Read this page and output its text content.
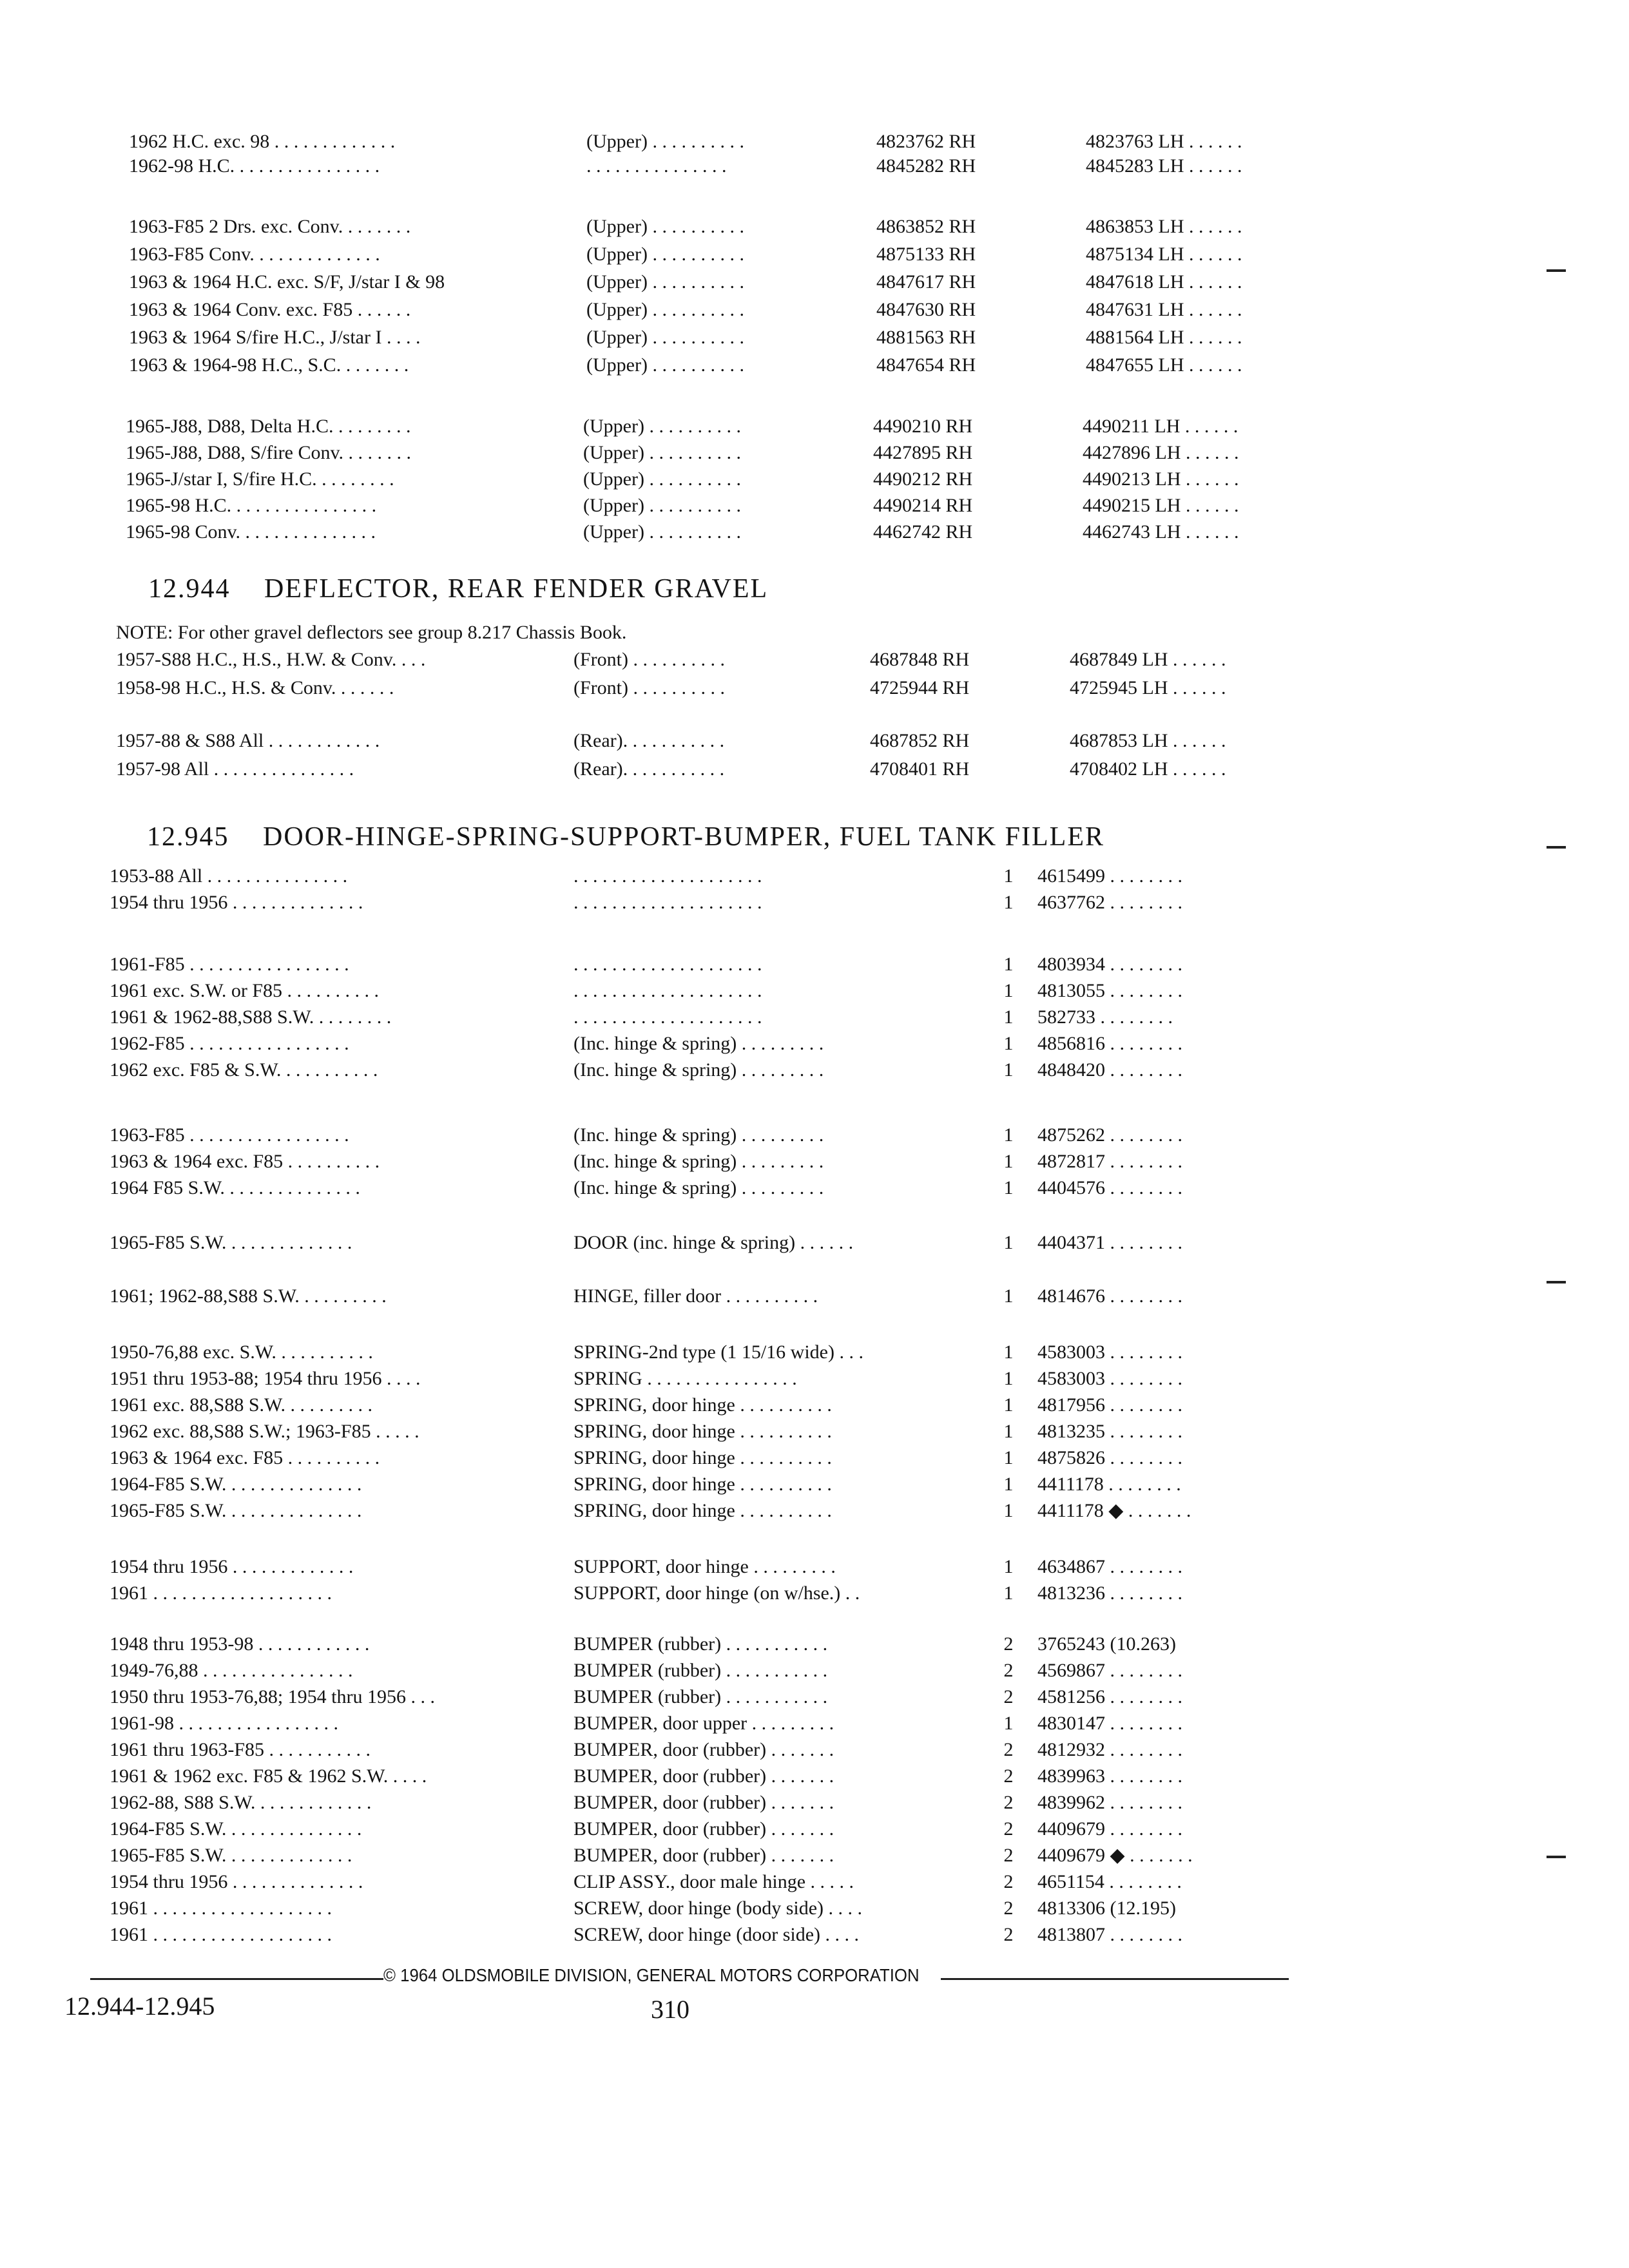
1962 H.C. exc. 98 . . . . . . . . . . . . .	(Upper) . . . . . . . . . .	4823762 RH	4823763 LH . . . . . .
1962-98 H.C. . . . . . . . . . . . . . . .	. . . . . . . . . . . . . . .	4845282 RH	4845283 LH . . . . . .
1963-F85 2 Drs. exc. Conv. . . . . . . .	(Upper) . . . . . . . . . .	4863852 RH	4863853 LH . . . . . .
1963-F85 Conv. . . . . . . . . . . . . .	(Upper) . . . . . . . . . .	4875133 RH	4875134 LH . . . . . .
1963 & 1964 H.C. exc. S/F, J/star I & 98	(Upper) . . . . . . . . . .	4847617 RH	4847618 LH . . . . . .
1963 & 1964 Conv. exc. F85 . . . . . .	(Upper) . . . . . . . . . .	4847630 RH	4847631 LH . . . . . .
1963 & 1964 S/fire H.C., J/star I . . . .	(Upper) . . . . . . . . . .	4881563 RH	4881564 LH . . . . . .
1963 & 1964-98 H.C., S.C. . . . . . . .	(Upper) . . . . . . . . . .	4847654 RH	4847655 LH . . . . . .
1965-J88, D88, Delta H.C. . . . . . . . .	(Upper) . . . . . . . . . .	4490210 RH	4490211 LH . . . . . .
1965-J88, D88, S/fire Conv. . . . . . . .	(Upper) . . . . . . . . . .	4427895 RH	4427896 LH . . . . . .
1965-J/star I, S/fire H.C. . . . . . . . .	(Upper) . . . . . . . . . .	4490212 RH	4490213 LH . . . . . .
1965-98 H.C. . . . . . . . . . . . . . . .	(Upper) . . . . . . . . . .	4490214 RH	4490215 LH . . . . . .
1965-98 Conv. . . . . . . . . . . . . . .	(Upper) . . . . . . . . . .	4462742 RH	4462743 LH . . . . . .
12.944 DEFLECTOR, REAR FENDER GRAVEL
NOTE: For other gravel deflectors see group 8.217 Chassis Book.
1957-S88 H.C., H.S., H.W. & Conv. . . .	(Front) . . . . . . . . . .	4687848 RH	4687849 LH . . . . . .
1958-98 H.C., H.S. & Conv. . . . . . .	(Front) . . . . . . . . . .	4725944 RH	4725945 LH . . . . . .
1957-88 & S88 All . . . . . . . . . . . .	(Rear). . . . . . . . . . .	4687852 RH	4687853 LH . . . . . .
1957-98 All . . . . . . . . . . . . . . .	(Rear). . . . . . . . . . .	4708401 RH	4708402 LH . . . . . .
12.945 DOOR-HINGE-SPRING-SUPPORT-BUMPER, FUEL TANK FILLER
1953-88 All . . . . . . . . . . . . . . .	. . . . . . . . . . . . . . . . . . . .	1	4615499 . . . . . . . .
1954 thru 1956 . . . . . . . . . . . . . .	. . . . . . . . . . . . . . . . . . . .	1	4637762 . . . . . . . .
1961-F85 . . . . . . . . . . . . . . . . .	. . . . . . . . . . . . . . . . . . . .	1	4803934 . . . . . . . .
1961 exc. S.W. or F85 . . . . . . . . . .	. . . . . . . . . . . . . . . . . . . .	1	4813055 . . . . . . . .
1961 & 1962-88,S88 S.W. . . . . . . . .	. . . . . . . . . . . . . . . . . . . .	1	582733 . . . . . . . .
1962-F85 . . . . . . . . . . . . . . . . .	(Inc. hinge & spring) . . . . . . . . .	1	4856816 . . . . . . . .
1962 exc. F85 & S.W. . . . . . . . . . .	(Inc. hinge & spring) . . . . . . . . .	1	4848420 . . . . . . . .
1963-F85 . . . . . . . . . . . . . . . . .	(Inc. hinge & spring) . . . . . . . . .	1	4875262 . . . . . . . .
1963 & 1964 exc. F85 . . . . . . . . . .	(Inc. hinge & spring) . . . . . . . . .	1	4872817 . . . . . . . .
1964 F85 S.W. . . . . . . . . . . . . . .	(Inc. hinge & spring) . . . . . . . . .	1	4404576 . . . . . . . .
1965-F85 S.W. . . . . . . . . . . . . .	DOOR (inc. hinge & spring) . . . . . .	1	4404371 . . . . . . . .
1961; 1962-88,S88 S.W. . . . . . . . . .	HINGE, filler door . . . . . . . . . .	1	4814676 . . . . . . . .
1950-76,88 exc. S.W. . . . . . . . . . .	SPRING-2nd type (1 15/16 wide) . . .	1	4583003 . . . . . . . .
1951 thru 1953-88; 1954 thru 1956 . . . .	SPRING . . . . . . . . . . . . . . . .	1	4583003 . . . . . . . .
1961 exc. 88,S88 S.W. . . . . . . . . .	SPRING, door hinge . . . . . . . . . .	1	4817956 . . . . . . . .
1962 exc. 88,S88 S.W.; 1963-F85 . . . . .	SPRING, door hinge . . . . . . . . . .	1	4813235 . . . . . . . .
1963 & 1964 exc. F85 . . . . . . . . . .	SPRING, door hinge . . . . . . . . . .	1	4875826 . . . . . . . .
1964-F85 S.W. . . . . . . . . . . . . . .	SPRING, door hinge . . . . . . . . . .	1	4411178 . . . . . . . .
1965-F85 S.W. . . . . . . . . . . . . . .	SPRING, door hinge . . . . . . . . . .	1	4411178 ◆ . . . . . . .
1954 thru 1956 . . . . . . . . . . . . .	SUPPORT, door hinge . . . . . . . . .	1	4634867 . . . . . . . .
1961 . . . . . . . . . . . . . . . . . . .	SUPPORT, door hinge (on w/hse.) . .	1	4813236 . . . . . . . .
1948 thru 1953-98 . . . . . . . . . . . .	BUMPER (rubber) . . . . . . . . . . .	2	3765243 (10.263)
1949-76,88 . . . . . . . . . . . . . . . .	BUMPER (rubber) . . . . . . . . . . .	2	4569867 . . . . . . . .
1950 thru 1953-76,88; 1954 thru 1956 . . .	BUMPER (rubber) . . . . . . . . . . .	2	4581256 . . . . . . . .
1961-98 . . . . . . . . . . . . . . . . .	BUMPER, door upper . . . . . . . . .	1	4830147 . . . . . . . .
1961 thru 1963-F85 . . . . . . . . . . .	BUMPER, door (rubber) . . . . . . .	2	4812932 . . . . . . . .
1961 & 1962 exc. F85 & 1962 S.W. . . . .	BUMPER, door (rubber) . . . . . . .	2	4839963 . . . . . . . .
1962-88, S88 S.W. . . . . . . . . . . . .	BUMPER, door (rubber) . . . . . . .	2	4839962 . . . . . . . .
1964-F85 S.W. . . . . . . . . . . . . . .	BUMPER, door (rubber) . . . . . . .	2	4409679 . . . . . . . .
1965-F85 S.W. . . . . . . . . . . . . .	BUMPER, door (rubber) . . . . . . .	2	4409679 ◆ . . . . . . .
1954 thru 1956 . . . . . . . . . . . . . .	CLIP ASSY., door male hinge . . . . .	2	4651154 . . . . . . . .
1961 . . . . . . . . . . . . . . . . . . .	SCREW, door hinge (body side) . . . .	2	4813306 (12.195)
1961 . . . . . . . . . . . . . . . . . . .	SCREW, door hinge (door side) . . . .	2	4813807 . . . . . . . .
© 1964 OLDSMOBILE DIVISION, GENERAL MOTORS CORPORATION
12.944-12.945	310
